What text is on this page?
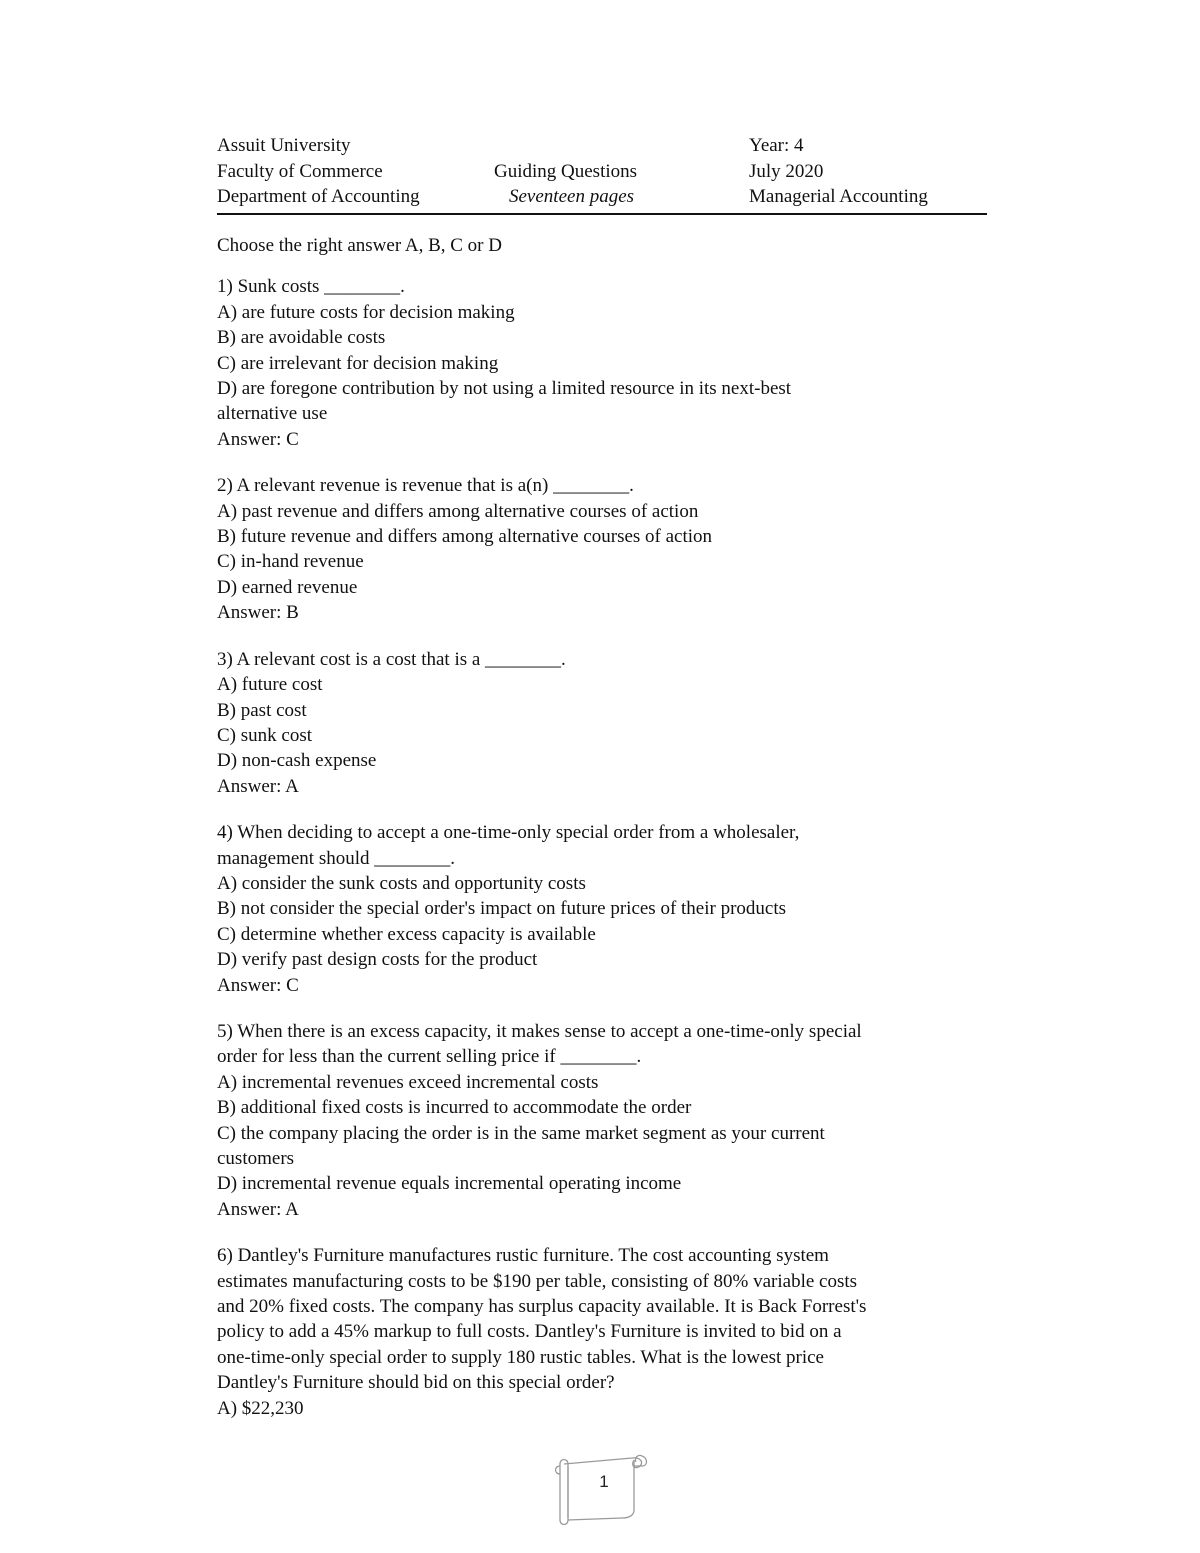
Assuit University
Faculty of Commerce
Department of Accounting
Guiding Questions
Seventeen pages
Year: 4
July 2020
Managerial Accounting
Choose the right answer A, B, C or D
1) Sunk costs ________.
A) are future costs for decision making
B) are avoidable costs
C) are irrelevant for decision making
D) are foregone contribution by not using a limited resource in its next-best
alternative use
Answer: C
2) A relevant revenue is revenue that is a(n) ________.
A) past revenue and differs among alternative courses of action
B) future revenue and differs among alternative courses of action
C) in-hand revenue
D) earned revenue
Answer: B
3) A relevant cost is a cost that is a ________.
A) future cost
B) past cost
C) sunk cost
D) non-cash expense
Answer: A
4) When deciding to accept a one-time-only special order from a wholesaler,
management should ________.
A) consider the sunk costs and opportunity costs
B) not consider the special order's impact on future prices of their products
C) determine whether excess capacity is available
D) verify past design costs for the product
Answer: C
5) When there is an excess capacity, it makes sense to accept a one-time-only special
order for less than the current selling price if ________.
A) incremental revenues exceed incremental costs
B) additional fixed costs is incurred to accommodate the order
C) the company placing the order is in the same market segment as your current
customers
D) incremental revenue equals incremental operating income
Answer: A
6) Dantley's Furniture manufactures rustic furniture. The cost accounting system
estimates manufacturing costs to be $190 per table, consisting of 80% variable costs
and 20% fixed costs. The company has surplus capacity available. It is Back Forrest's
policy to add a 45% markup to full costs. Dantley's Furniture is invited to bid on a
one-time-only special order to supply 180 rustic tables. What is the lowest price
Dantley's Furniture should bid on this special order?
A) $22,230
1
